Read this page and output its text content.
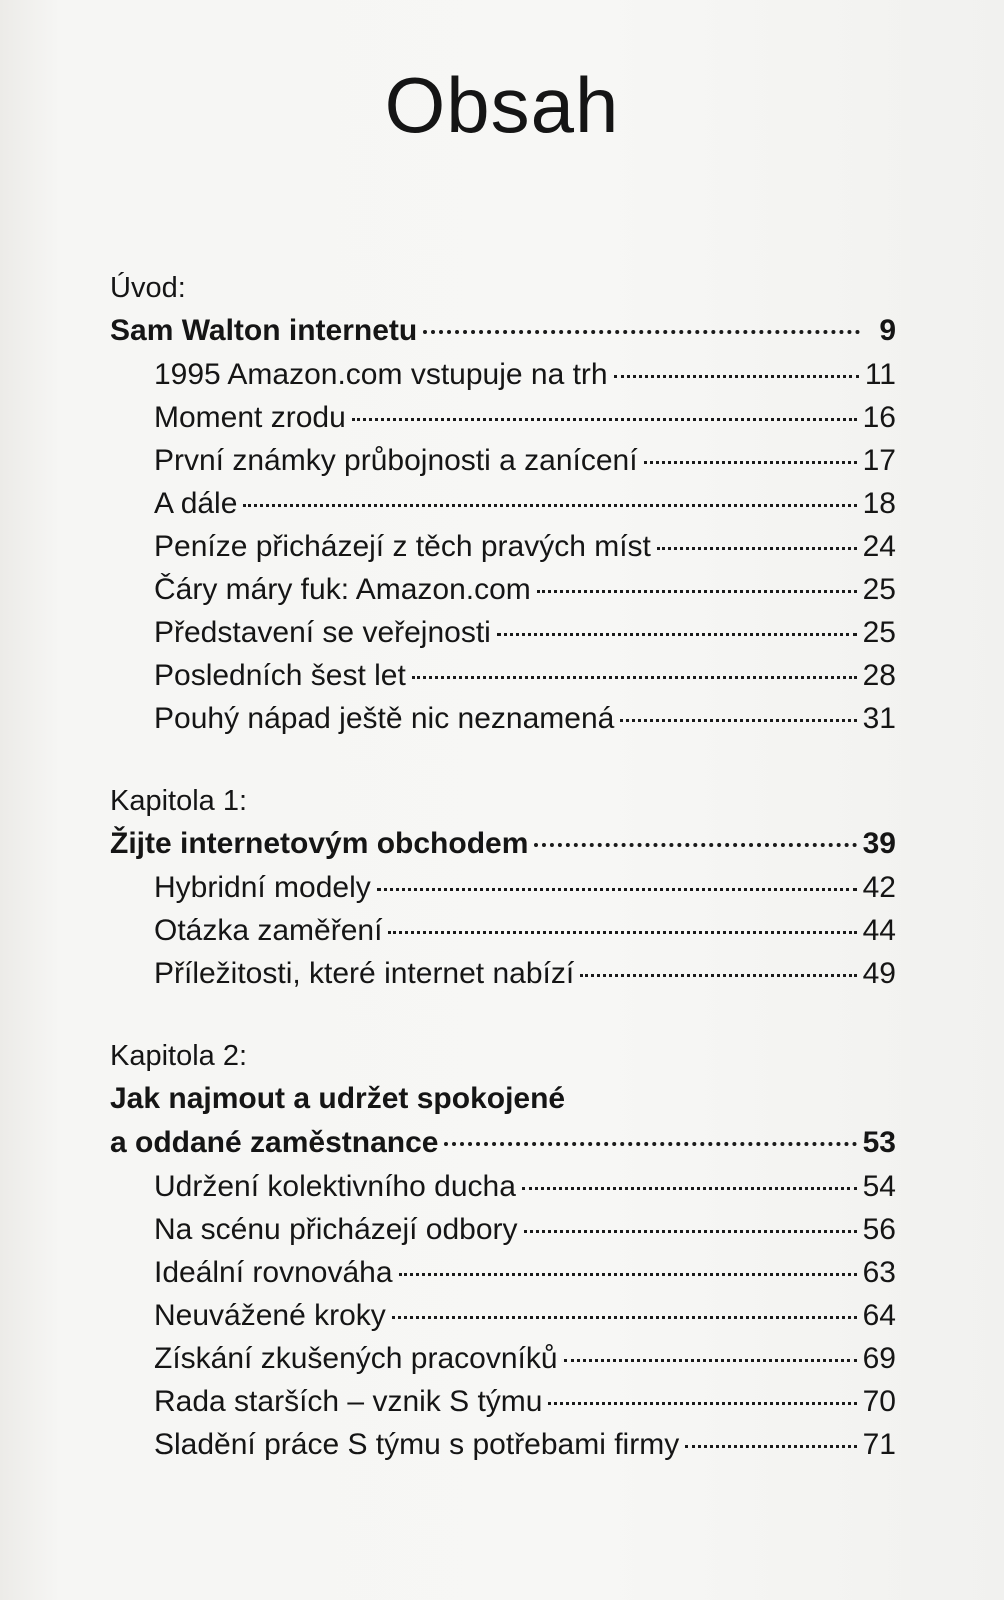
Obsah
Úvod:
Sam Walton internetu	9
1995 Amazon.com vstupuje na trh	11
Moment zrodu	16
První známky průbojnosti a zanícení	17
A dále	18
Peníze přicházejí z těch pravých míst	24
Čáry máry fuk: Amazon.com	25
Představení se veřejnosti	25
Posledních šest let	28
Pouhý nápad ještě nic neznamená	31
Kapitola 1:
Žijte internetovým obchodem	39
Hybridní modely	42
Otázka zaměření	44
Příležitosti, které internet nabízí	49
Kapitola 2:
Jak najmout a udržet spokojené
a oddané zaměstnance	53
Udržení kolektivního ducha	54
Na scénu přicházejí odbory	56
Ideální rovnováha	63
Neuvážené kroky	64
Získání zkušených pracovníků	69
Rada starších – vznik S týmu	70
Sladění práce S týmu s potřebami firmy	71
